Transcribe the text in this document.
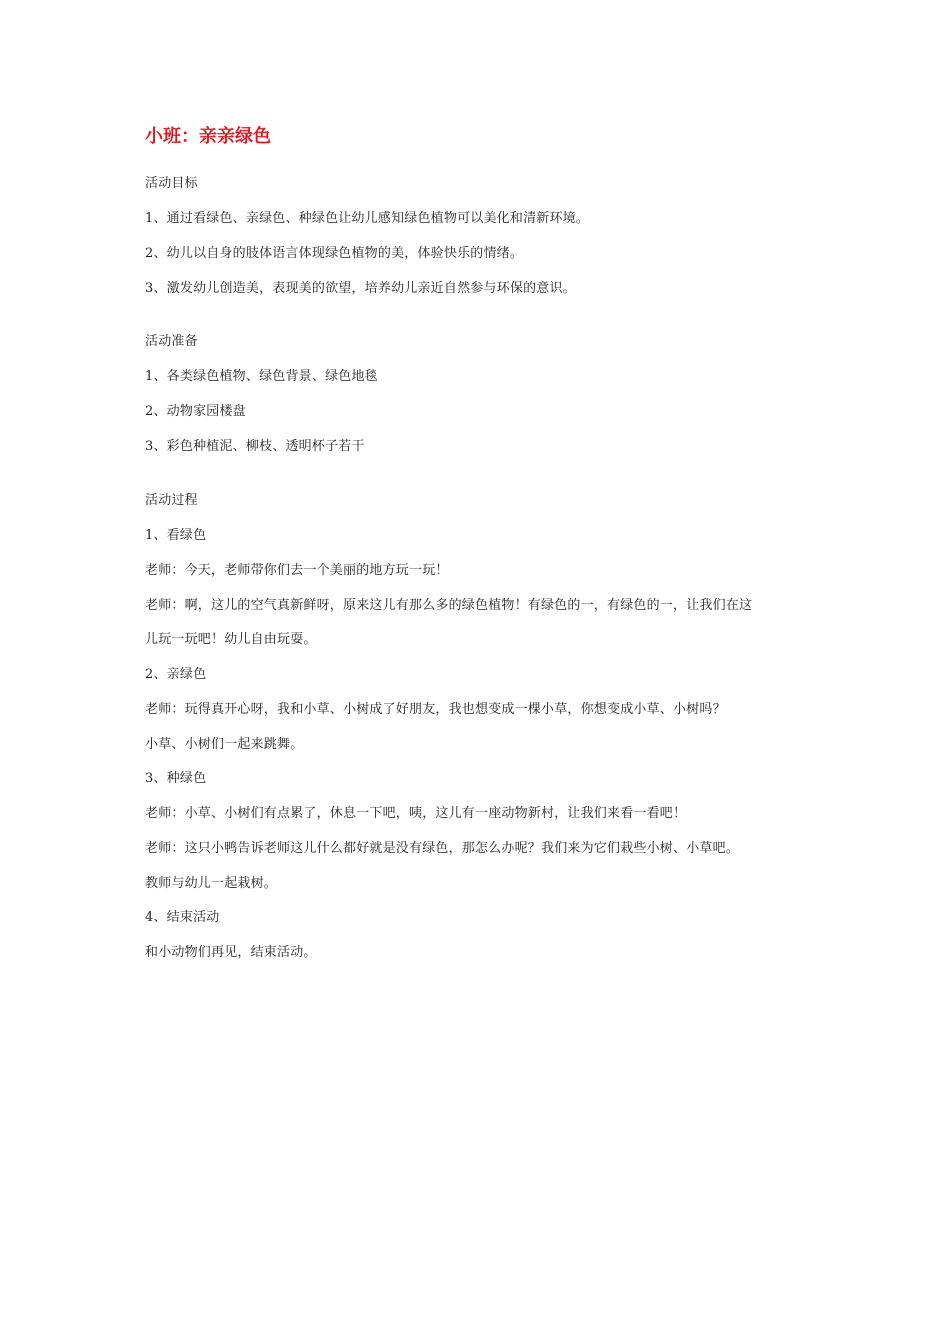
小班：亲亲绿色
活动目标
1、通过看绿色、亲绿色、种绿色让幼儿感知绿色植物可以美化和清新环境。
2、幼儿以自身的肢体语言体现绿色植物的美，体验快乐的情绪。
3、激发幼儿创造美，表现美的欲望，培养幼儿亲近自然参与环保的意识。
活动准备
1、各类绿色植物、绿色背景、绿色地毯
2、动物家园楼盘
3、彩色种植泥、柳枝、透明杯子若干
活动过程
1、看绿色
老师：今天，老师带你们去一个美丽的地方玩一玩！
老师：啊，这儿的空气真新鲜呀，原来这儿有那么多的绿色植物！有绿色的一，有绿色的一，让我们在这
儿玩一玩吧！幼儿自由玩耍。
2、亲绿色
老师：玩得真开心呀，我和小草、小树成了好朋友，我也想变成一棵小草，你想变成小草、小树吗？
小草、小树们一起来跳舞。
3、种绿色
老师：小草、小树们有点累了，休息一下吧，咦，这儿有一座动物新村，让我们来看一看吧！
老师：这只小鸭告诉老师这儿什么都好就是没有绿色，那怎么办呢？我们来为它们栽些小树、小草吧。
教师与幼儿一起栽树。
4、结束活动
和小动物们再见，结束活动。
